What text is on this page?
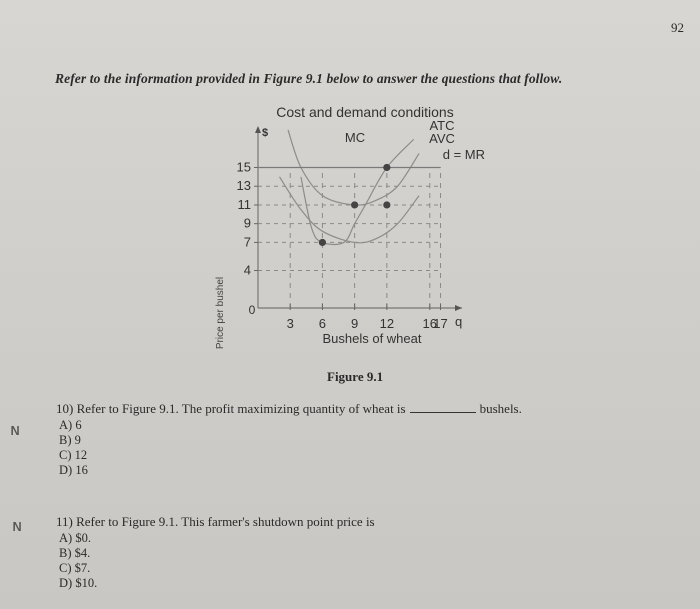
92
Refer to the information provided in Figure 9.1 below to answer the questions that follow.
Cost and demand conditions
$
Price per bushel	Bushels of wheat
q
4
7
9
11
13
15
0
3 6 9 12 16
17
MC
ATC
AVC
d = MR
Figure 9.1
10) Refer to Figure 9.1. The profit maximizing quantity of wheat is	bushels.
A) 6
B) 9
C) 12
D) 16
11) Refer to Figure 9.1. This farmer's shutdown point price is
A) $0.
B) $4.
C) $7.
D) $10.
ɴ
ɴ
